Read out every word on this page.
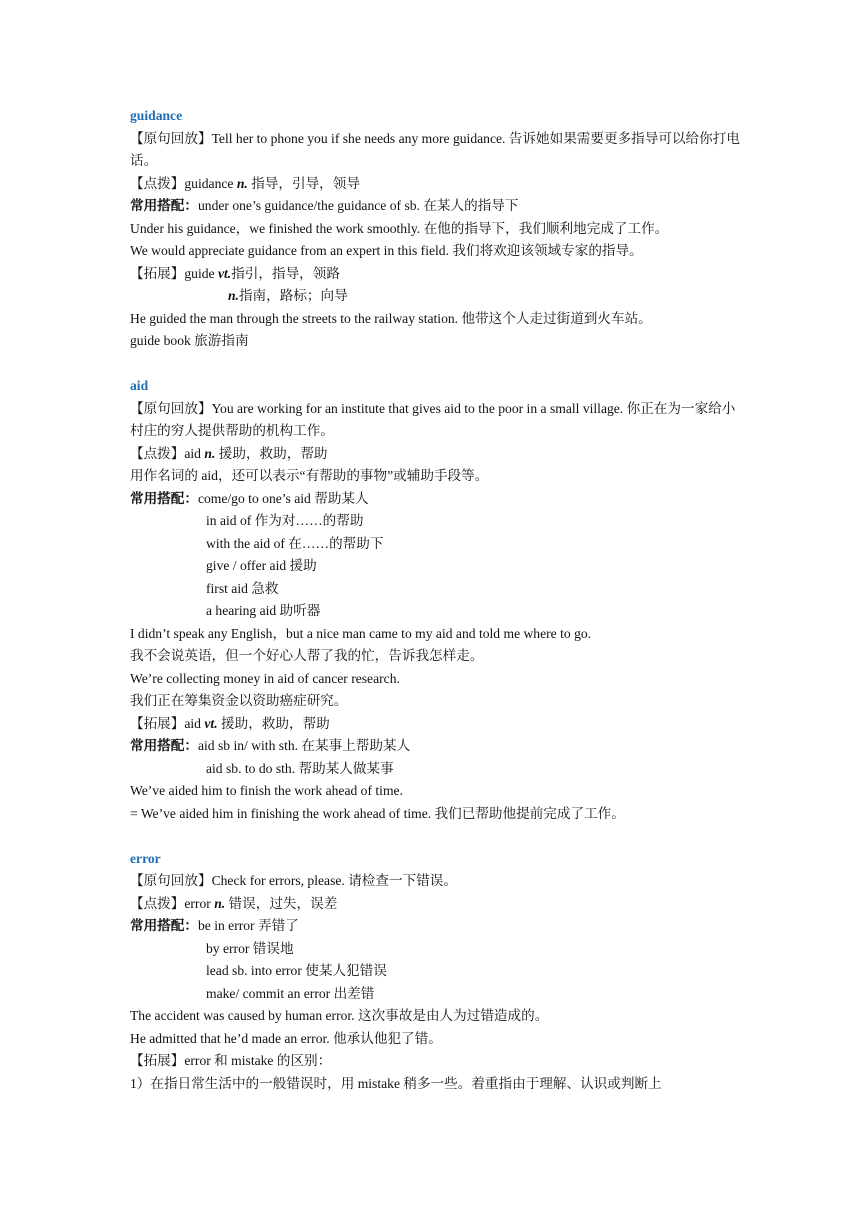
guidance
【原句回放】Tell her to phone you if she needs any more guidance. 告诉她如果需要更多指导可以给你打电话。
【点拨】guidance n. 指导，引导，领导
常用搭配：under one’s guidance/the guidance of sb. 在某人的指导下
Under his guidance，we finished the work smoothly. 在他的指导下，我们顺利地完成了工作。
We would appreciate guidance from an expert in this field. 我们将欢迎该领域专家的指导。
【拓展】guide vt.指引，指导，领路
n.指南，路标；向导
He guided the man through the streets to the railway station. 他带这个人走过街道到火车站。
guide book 旅游指南
aid
【原句回放】You are working for an institute that gives aid to the poor in a small village. 你正在为一家给小村庄的穷人提供帮助的机构工作。
【点拨】aid n. 援助，救助，帮助
用作名词的 aid，还可以表示“有帮助的事物”或辅助手段等。
常用搭配：come/go to one’s aid 帮助某人
in aid of 作为对……的帮助
with the aid of 在……的帮助下
give / offer aid 援助
first aid 急救
a hearing aid 助听器
I didn’t speak any English，but a nice man came to my aid and told me where to go.
我不会说英语，但一个好心人帮了我的忙，告诉我怎样走。
We’re collecting money in aid of cancer research.
我们正在筹集资金以资助癌症研究。
【拓展】aid vt. 援助，救助，帮助
常用搭配：aid sb in/ with sth. 在某事上帮助某人
aid sb. to do sth. 帮助某人做某事
We’ve aided him to finish the work ahead of time.
= We’ve aided him in finishing the work ahead of time. 我们已帮助他提前完成了工作。
error
【原句回放】Check for errors, please. 请检查一下错误。
【点拨】error n. 错误，过失，误差
常用搭配：be in error 弄错了
by error 错误地
lead sb. into error 使某人犯错误
make/ commit an error 出差错
The accident was caused by human error. 这次事故是由人为过错造成的。
He admitted that he’d made an error. 他承认他犯了错。
【拓展】error 和 mistake 的区别：
1）在指日常生活中的一般错误时，用 mistake 稍多一些。着重指由于理解、认识或判断上
